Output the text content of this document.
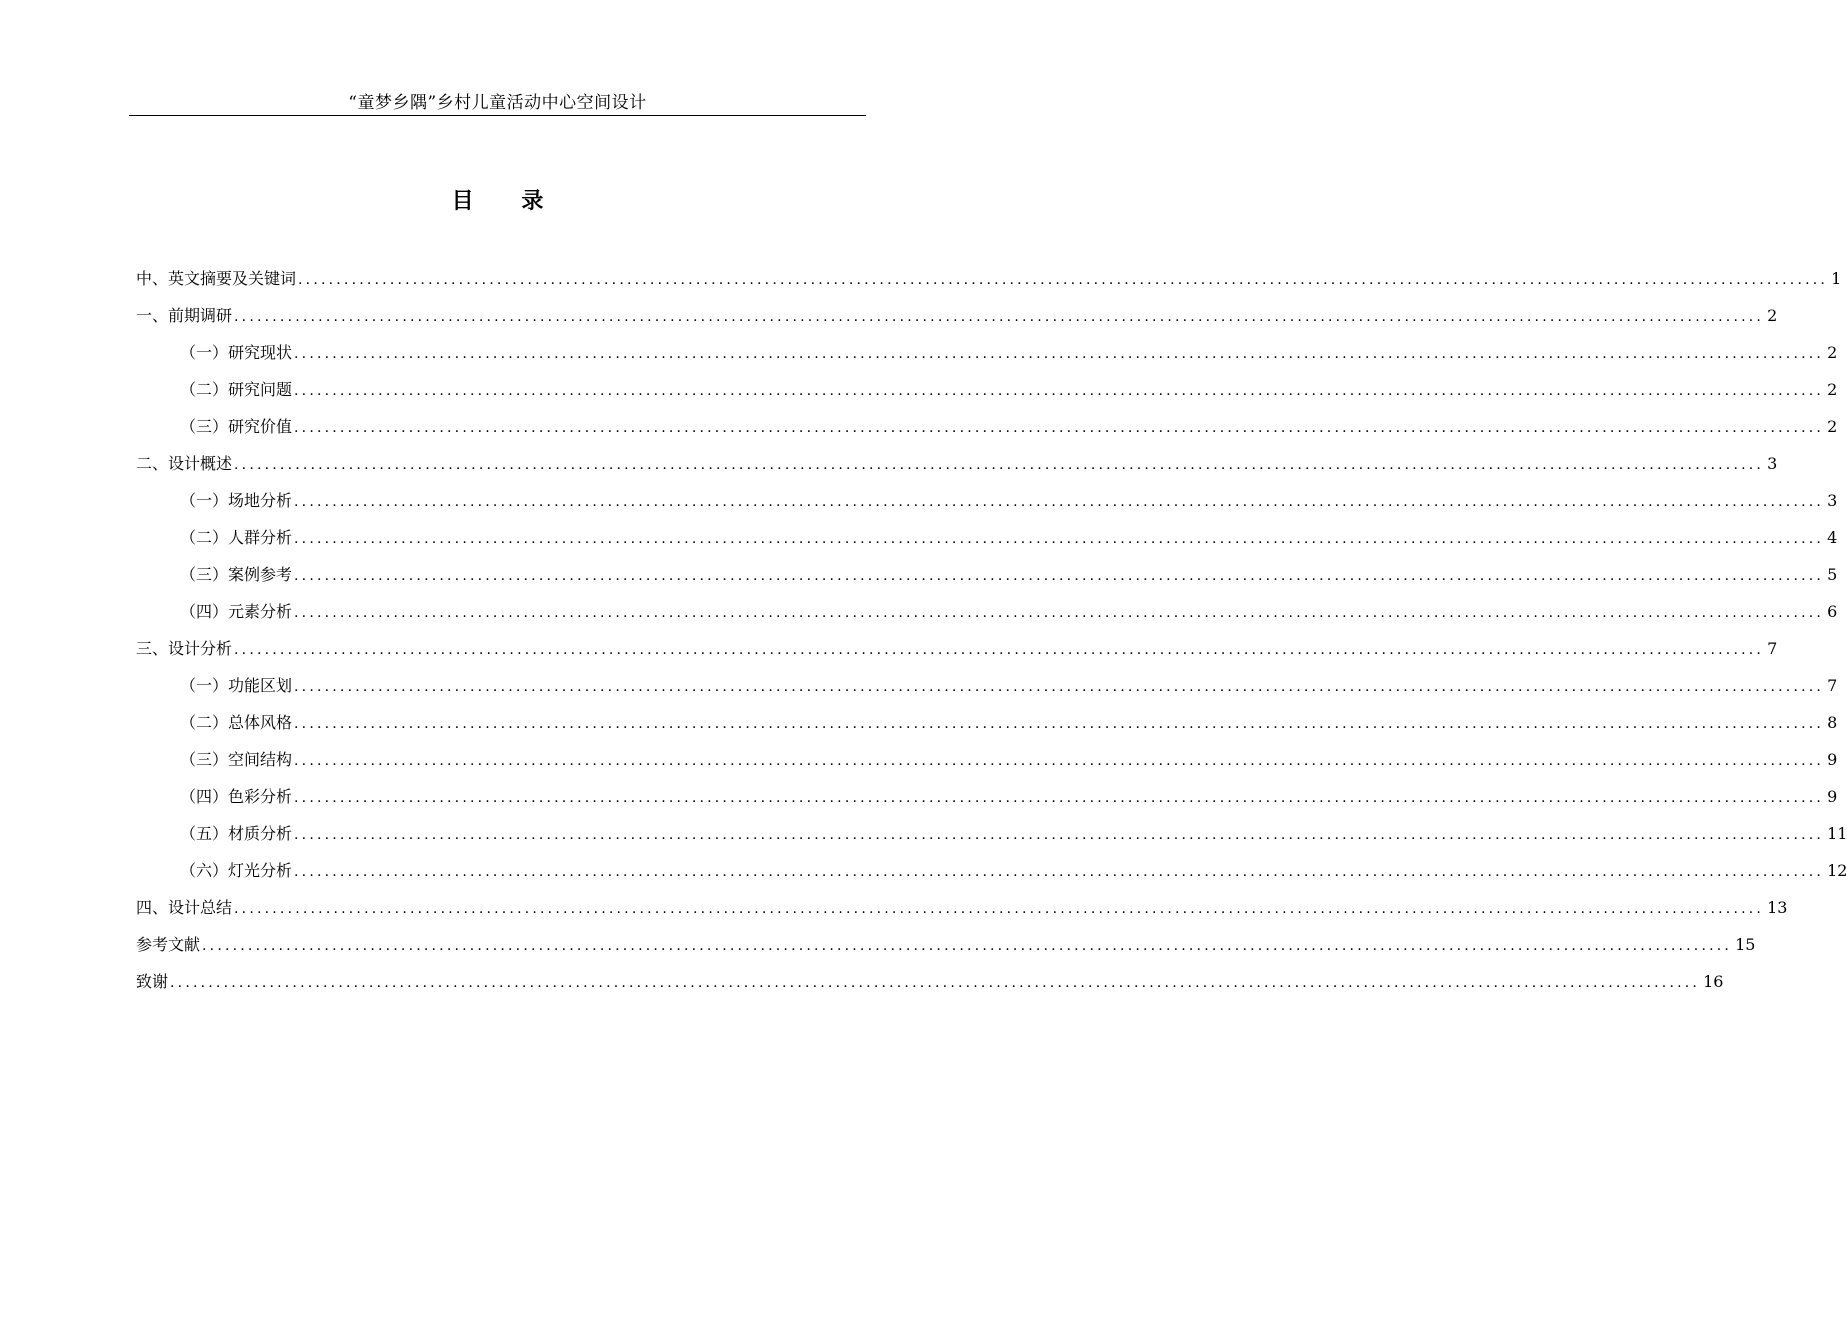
“童梦乡隅”乡村儿童活动中心空间设计
目 录
中、英文摘要及关键词 ........................................................................................................................................................................................................ 1
一、前期调研 ........................................................................................................................................................................................................ 2
（一）研究现状 ........................................................................................................................................................................................................ 2
（二）研究问题 ........................................................................................................................................................................................................ 2
（三）研究价值 ........................................................................................................................................................................................................ 2
二、设计概述 ........................................................................................................................................................................................................ 3
（一）场地分析 ........................................................................................................................................................................................................ 3
（二）人群分析 ........................................................................................................................................................................................................ 4
（三）案例参考 ........................................................................................................................................................................................................ 5
（四）元素分析 ........................................................................................................................................................................................................ 6
三、设计分析 ........................................................................................................................................................................................................ 7
（一）功能区划 ........................................................................................................................................................................................................ 7
（二）总体风格 ........................................................................................................................................................................................................ 8
（三）空间结构 ........................................................................................................................................................................................................ 9
（四）色彩分析 ........................................................................................................................................................................................................ 9
（五）材质分析 ........................................................................................................................................................................................................ 11
（六）灯光分析 ........................................................................................................................................................................................................ 12
四、设计总结 ........................................................................................................................................................................................................ 13
参考文献 ........................................................................................................................................................................................................ 15
致谢 ........................................................................................................................................................................................................ 16
